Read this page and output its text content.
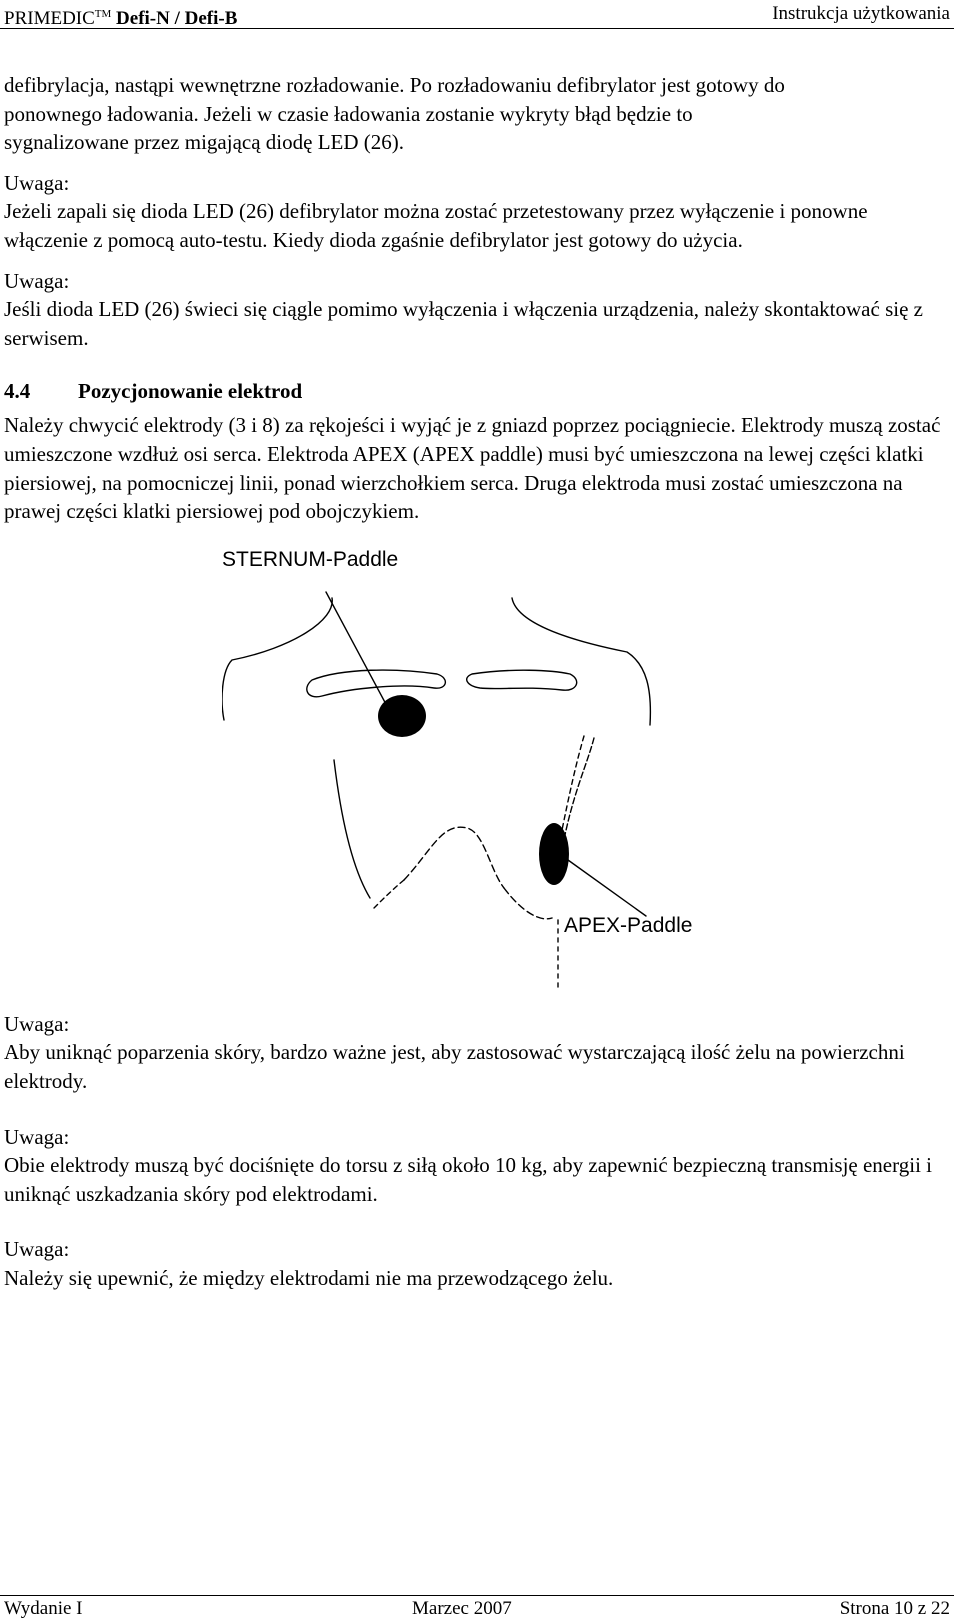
PRIMEDIC™ Defi-N / Defi-B	Instrukcja użytkowania

defibrylacja, nastąpi wewnętrzne rozładowanie. Po rozładowaniu defibrylator jest gotowy do
ponownego ładowania. Jeżeli w czasie ładowania zostanie wykryty błąd będzie to
sygnalizowane przez migającą diodę LED (26).

Uwaga:

Jeżeli zapali się dioda LED (26) defibrylator można zostać przetestowany przez wyłączenie i ponowne włączenie z pomocą auto-testu. Kiedy dioda zgaśnie defibrylator jest gotowy do użycia.

Uwaga:

Jeśli dioda LED (26) świeci się ciągle pomimo wyłączenia i włączenia urządzenia, należy skontaktować się z serwisem.

4.4 Pozycjonowanie elektrod

Należy chwycić elektrody (3 i 8) za rękojeści i wyjąć je z gniazd poprzez pociągniecie. Elektrody muszą zostać umieszczone wzdłuż osi serca. Elektroda APEX (APEX paddle) musi być umieszczona na lewej części klatki piersiowej, na pomocniczej linii, ponad wierzchołkiem serca. Druga elektroda musi zostać umieszczona na prawej części klatki piersiowej pod obojczykiem.

STERNUM-Paddle
APEX-Paddle

Uwaga:

Aby uniknąć poparzenia skóry, bardzo ważne jest, aby zastosować wystarczającą ilość żelu na powierzchni elektrody.

Uwaga:

Obie elektrody muszą być dociśnięte do torsu z siłą około 10 kg, aby zapewnić bezpieczną transmisję energii i uniknąć uszkadzania skóry pod elektrodami.

Uwaga:

Należy się upewnić, że między elektrodami nie ma przewodzącego żelu.

Wydanie I	Marzec 2007	Strona 10 z 22
